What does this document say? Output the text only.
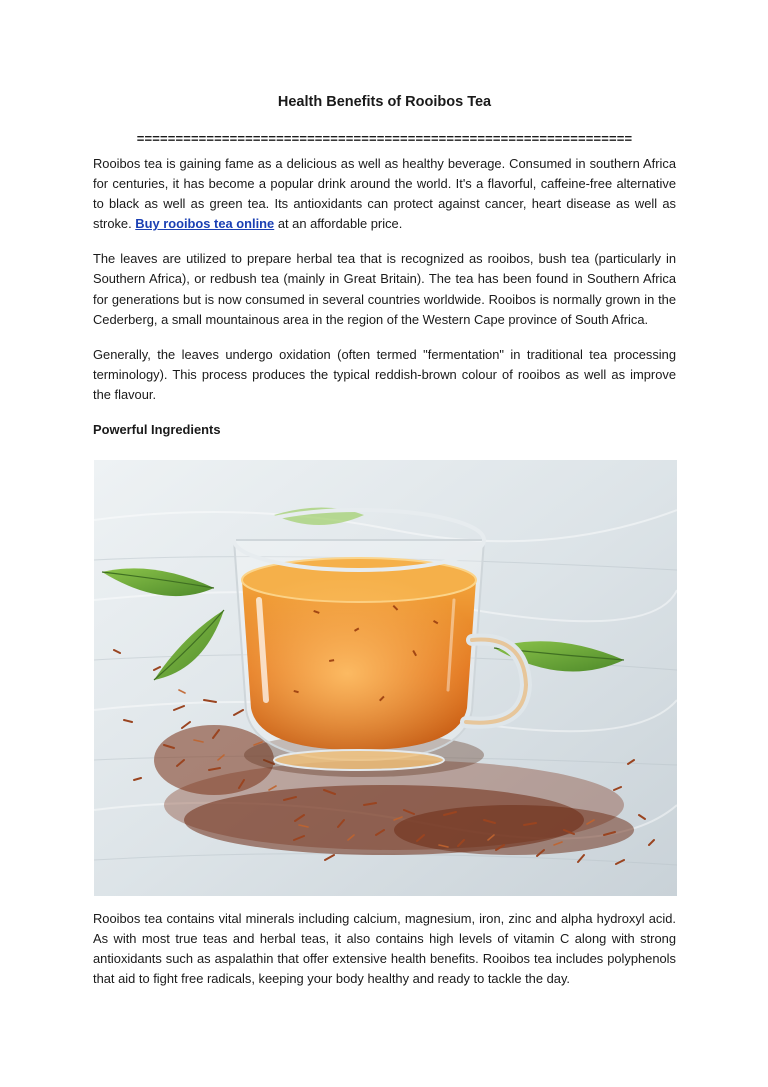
Health Benefits of Rooibos Tea
================================================================

Rooibos tea is gaining fame as a delicious as well as healthy beverage. Consumed in southern Africa for centuries, it has become a popular drink around the world. It's a flavorful, caffeine-free alternative to black as well as green tea. Its antioxidants can protect against cancer, heart disease as well as stroke. Buy rooibos tea online at an affordable price.

The leaves are utilized to prepare herbal tea that is recognized as rooibos, bush tea (particularly in Southern Africa), or redbush tea (mainly in Great Britain). The tea has been found in Southern Africa for generations but is now consumed in several countries worldwide. Rooibos is normally grown in the Cederberg, a small mountainous area in the region of the Western Cape province of South Africa.

Generally, the leaves undergo oxidation (often termed "fermentation" in traditional tea processing terminology). This process produces the typical reddish-brown colour of rooibos as well as improve the flavour.

Powerful Ingredients

Rooibos tea contains vital minerals including calcium, magnesium, iron, zinc and alpha hydroxyl acid. As with most true teas and herbal teas, it also contains high levels of vitamin C along with strong antioxidants such as aspalathin that offer extensive health benefits. Rooibos tea includes polyphenols that aid to fight free radicals, keeping your body healthy and ready to tackle the day.
